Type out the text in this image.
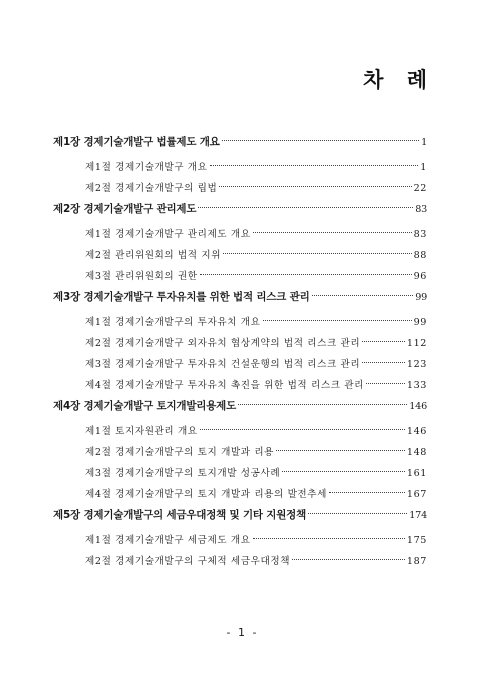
차 례
제1장 경제기술개발구 법률제도 개요	1
제1절 경제기술개발구 개요	1
제2절 경제기술개발구의 립법	22
제2장 경제기술개발구 관리제도	83
제1절 경제기술개발구 관리제도 개요	83
제2절 관리위원회의 법적 지위	88
제3절 관리위원회의 권한	96
제3장 경제기술개발구 투자유치를 위한 법적 리스크 관리	99
제1절 경제기술개발구의 투자유치 개요	99
제2절 경제기술개발구 외자유치 협상계약의 법적 리스크 관리	112
제3절 경제기술개발구 투자유치 건설운행의 법적 리스크 관리	123
제4절 경제기술개발구 투자유치 촉진을 위한 법적 리스크 관리	133
제4장 경제기술개발구 토지개발리용제도	146
제1절 토지자원관리 개요	146
제2절 경제기술개발구의 토지 개발과 리용	148
제3절 경제기술개발구의 토지개발 성공사례	161
제4절 경제기술개발구의 토지 개발과 리용의 발전추세	167
제5장 경제기술개발구의 세금우대정책 및 기타 지원정책	174
제1절 경제기술개발구 세금제도 개요	175
제2절 경제기술개발구의 구체적 세금우대정책	187
- 1 -
